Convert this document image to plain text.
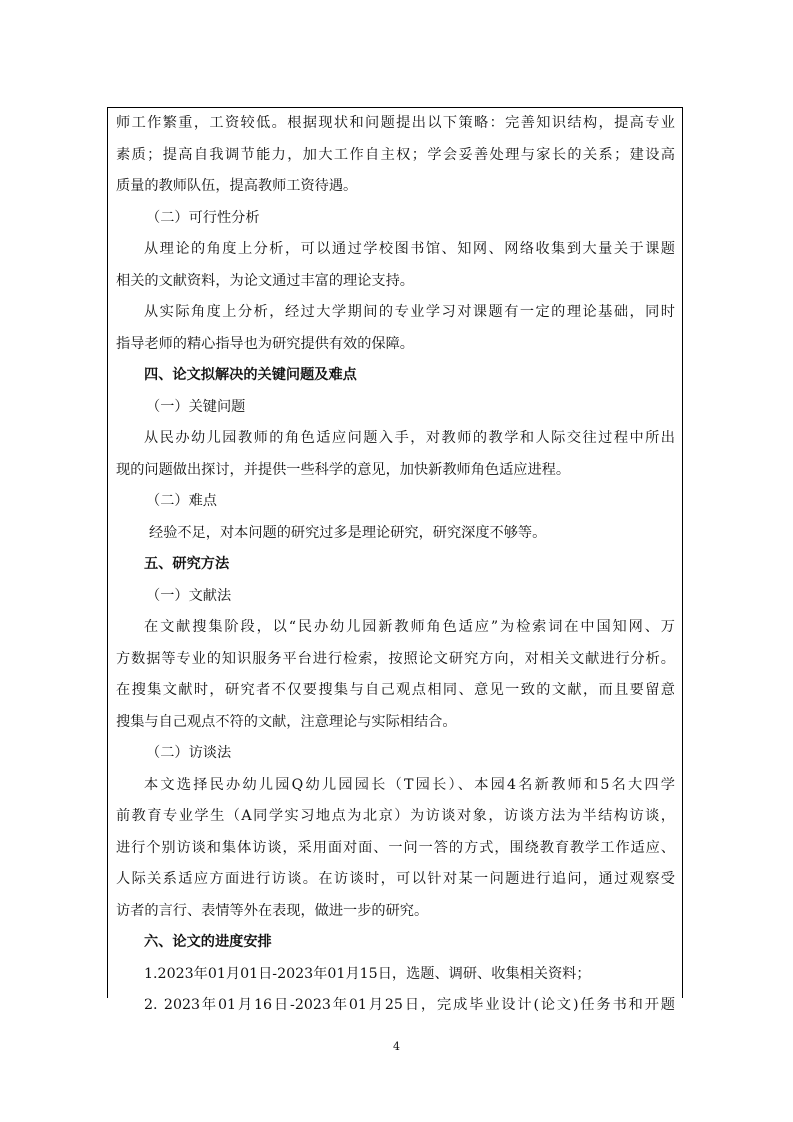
师工作繁重，工资较低。根据现状和问题提出以下策略：完善知识结构，提高专业
素质；提高自我调节能力，加大工作自主权；学会妥善处理与家长的关系；建设高
质量的教师队伍，提高教师工资待遇。
（二）可行性分析
从理论的角度上分析，可以通过学校图书馆、知网、网络收集到大量关于课题
相关的文献资料，为论文通过丰富的理论支持。
从实际角度上分析，经过大学期间的专业学习对课题有一定的理论基础，同时
指导老师的精心指导也为研究提供有效的保障。
四、论文拟解决的关键问题及难点
（一）关键问题
从民办幼儿园教师的角色适应问题入手，对教师的教学和人际交往过程中所出
现的问题做出探讨，并提供一些科学的意见，加快新教师角色适应进程。
（二）难点
经验不足，对本问题的研究过多是理论研究，研究深度不够等。
五、研究方法
（一）文献法
在文献搜集阶段，以“民办幼儿园新教师角色适应”为检索词在中国知网、万
方数据等专业的知识服务平台进行检索，按照论文研究方向，对相关文献进行分析。
在搜集文献时，研究者不仅要搜集与自己观点相同、意见一致的文献，而且要留意
搜集与自己观点不符的文献，注意理论与实际相结合。
（二）访谈法
本文选择民办幼儿园Q幼儿园园长（T园长）、本园4名新教师和5名大四学
前教育专业学生（A同学实习地点为北京）为访谈对象，访谈方法为半结构访谈，
进行个别访谈和集体访谈，采用面对面、一问一答的方式，围绕教育教学工作适应、
人际关系适应方面进行访谈。在访谈时，可以针对某一问题进行追问，通过观察受
访者的言行、表情等外在表现，做进一步的研究。
六、论文的进度安排
1.2023年01月01日-2023年01月15日，选题、调研、收集相关资料；
2. 2023年01月16日-2023年01月25日，完成毕业设计(论文)任务书和开题
4
